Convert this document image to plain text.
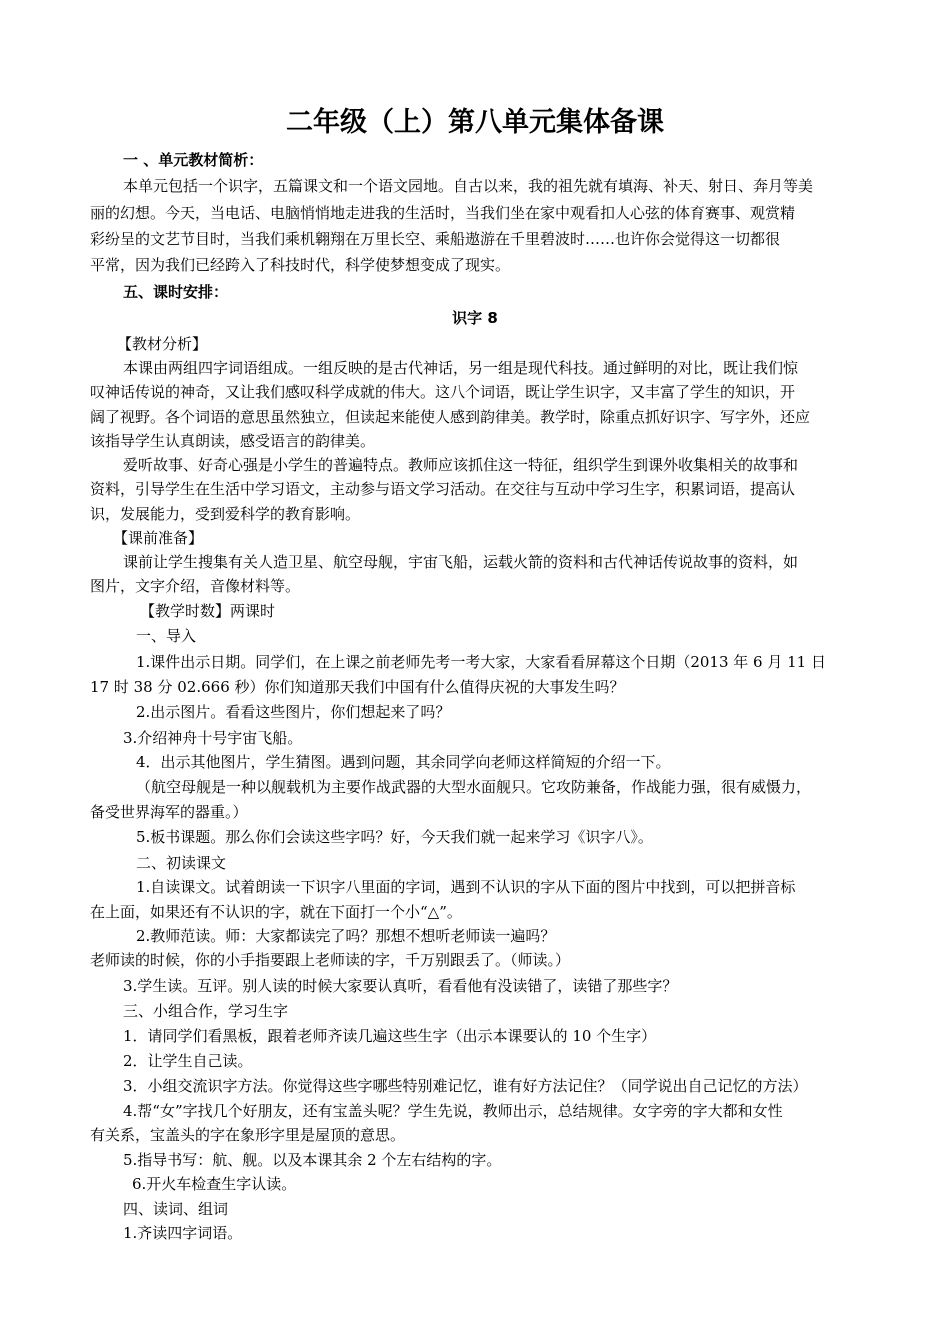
二年级（上）第八单元集体备课
一 、单元教材简析：
本单元包括一个识字，五篇课文和一个语文园地。自古以来，我的祖先就有填海、补天、射日、奔月等美
丽的幻想。今天，当电话、电脑悄悄地走进我的生活时，当我们坐在家中观看扣人心弦的体育赛事、观赏精
彩纷呈的文艺节目时，当我们乘机翱翔在万里长空、乘船遨游在千里碧波时……也许你会觉得这一切都很
平常，因为我们已经跨入了科技时代，科学使梦想变成了现实。
五、课时安排：
识字 8
【教材分析】
本课由两组四字词语组成。一组反映的是古代神话，另一组是现代科技。通过鲜明的对比，既让我们惊
叹神话传说的神奇，又让我们感叹科学成就的伟大。这八个词语，既让学生识字，又丰富了学生的知识，开
阔了视野。各个词语的意思虽然独立，但读起来能使人感到韵律美。教学时，除重点抓好识字、写字外，还应
该指导学生认真朗读，感受语言的韵律美。
爱听故事、好奇心强是小学生的普遍特点。教师应该抓住这一特征，组织学生到课外收集相关的故事和
资料，引导学生在生活中学习语文，主动参与语文学习活动。在交往与互动中学习生字，积累词语，提高认
识，发展能力，受到爱科学的教育影响。
【课前准备】
课前让学生搜集有关人造卫星、航空母舰，宇宙飞船，运载火箭的资料和古代神话传说故事的资料，如
图片，文字介绍，音像材料等。
【教学时数】两课时
一、导入
1.课件出示日期。同学们，在上课之前老师先考一考大家，大家看看屏幕这个日期（2013 年 6 月 11 日
17 时 38 分 02.666 秒）你们知道那天我们中国有什么值得庆祝的大事发生吗？
2.出示图片。看看这些图片，你们想起来了吗？
3.介绍神舟十号宇宙飞船。
4．出示其他图片，学生猜图。遇到问题，其余同学向老师这样简短的介绍一下。
（航空母舰是一种以舰载机为主要作战武器的大型水面舰只。它攻防兼备，作战能力强，很有威慑力，
备受世界海军的器重。）
5.板书课题。那么你们会读这些字吗？好，今天我们就一起来学习《识字八》。
二、初读课文
1.自读课文。试着朗读一下识字八里面的字词，遇到不认识的字从下面的图片中找到，可以把拼音标
在上面，如果还有不认识的字，就在下面打一个小“△”。
2.教师范读。师：大家都读完了吗？那想不想听老师读一遍吗？
老师读的时候，你的小手指要跟上老师读的字，千万别跟丢了。（师读。）
3.学生读。互评。别人读的时候大家要认真听，看看他有没读错了，读错了那些字？
三、小组合作，学习生字
1．请同学们看黑板，跟着老师齐读几遍这些生字（出示本课要认的 10 个生字）
2．让学生自己读。
3．小组交流识字方法。你觉得这些字哪些特别难记忆，谁有好方法记住？（同学说出自己记忆的方法）
4.帮“女”字找几个好朋友，还有宝盖头呢？学生先说，教师出示，总结规律。女字旁的字大都和女性
有关系，宝盖头的字在象形字里是屋顶的意思。
5.指导书写：航、舰。以及本课其余 2 个左右结构的字。
6.开火车检查生字认读。
四、读词、组词
1.齐读四字词语。
